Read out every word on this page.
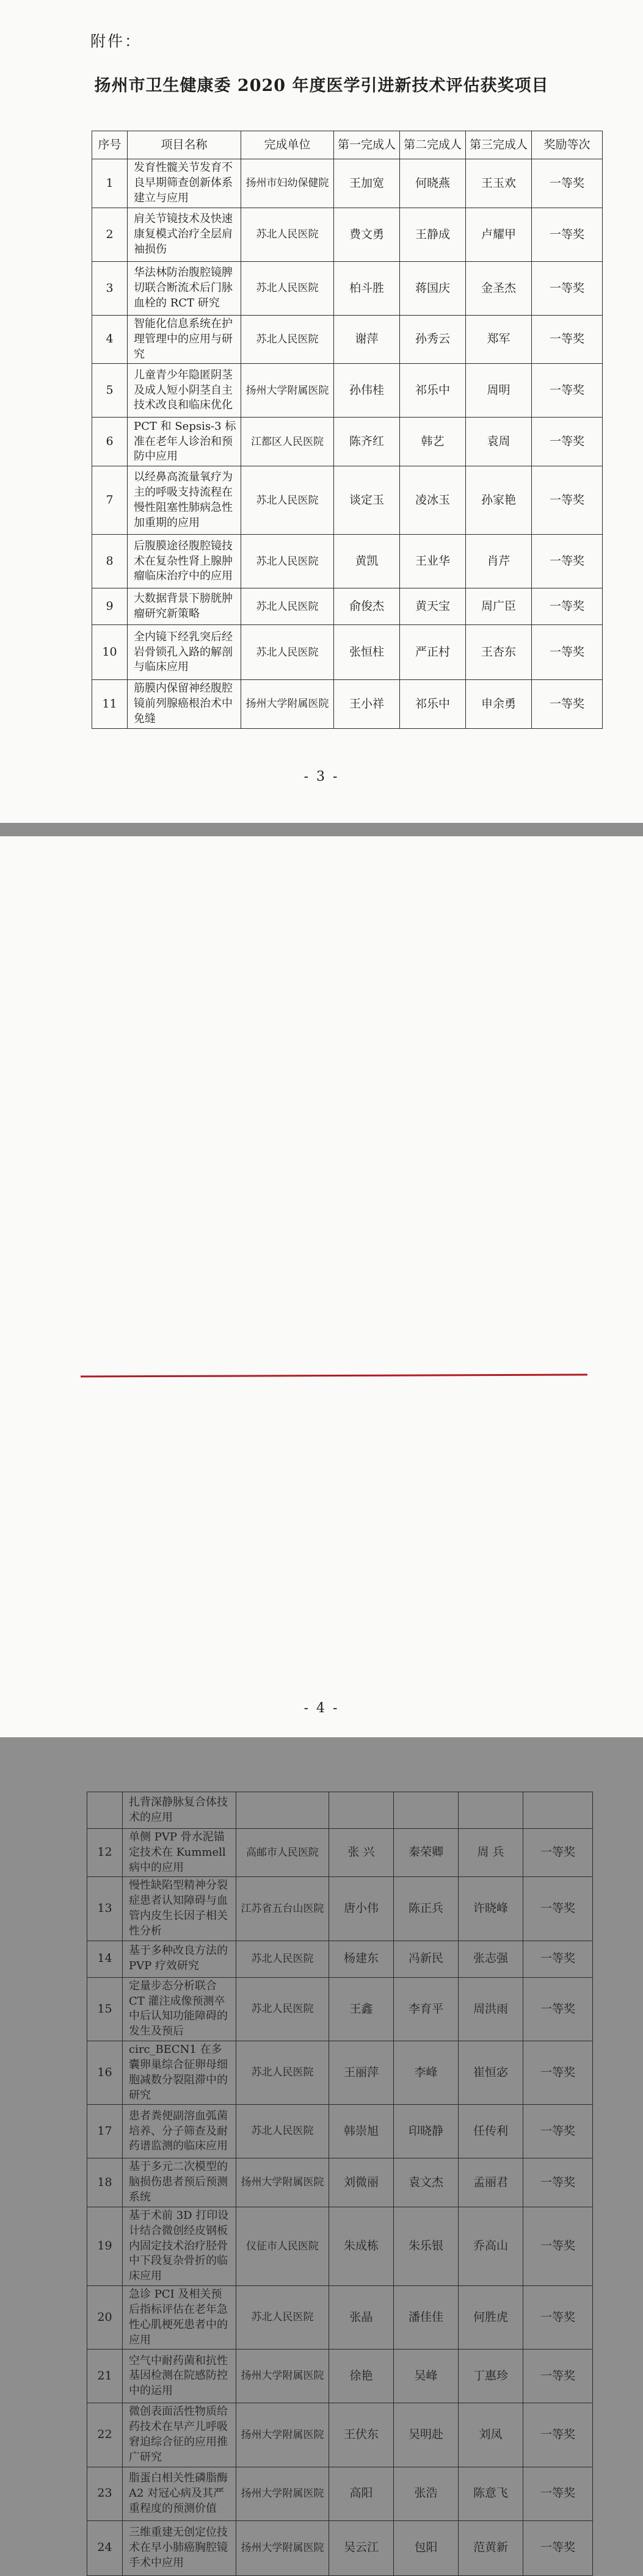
附件：
扬州市卫生健康委 2020 年度医学引进新技术评估获奖项目
序号	项目名称	完成单位	第一完成人	第二完成人	第三完成人	奖励等次
1	发育性髋关节发育不良早期筛查创新体系建立与应用	扬州市妇幼保健院	王加宽	何晓燕	王玉欢	一等奖
2	肩关节镜技术及快速康复模式治疗全层肩袖损伤	苏北人民医院	费文勇	王静成	卢耀甲	一等奖
3	华法林防治腹腔镜脾切联合断流术后门脉血栓的 RCT 研究	苏北人民医院	柏斗胜	蒋国庆	金圣杰	一等奖
4	智能化信息系统在护理管理中的应用与研究	苏北人民医院	谢萍	孙秀云	郑军	一等奖
5	儿童青少年隐匿阴茎及成人短小阴茎自主技术改良和临床优化	扬州大学附属医院	孙伟桂	祁乐中	周明	一等奖
6	PCT 和 Sepsis-3 标准在老年人诊治和预防中应用	江都区人民医院	陈齐红	韩艺	袁周	一等奖
7	以经鼻高流量氧疗为主的呼吸支持流程在慢性阻塞性肺病急性加重期的应用	苏北人民医院	谈定玉	凌冰玉	孙家艳	一等奖
8	后腹膜途径腹腔镜技术在复杂性肾上腺肿瘤临床治疗中的应用	苏北人民医院	黄凯	王业华	肖芹	一等奖
9	大数据背景下膀胱肿瘤研究新策略	苏北人民医院	俞俊杰	黄天宝	周广臣	一等奖
10	全内镜下经乳突后经岩骨锁孔入路的解剖与临床应用	苏北人民医院	张恒柱	严正村	王杏东	一等奖
11	筋膜内保留神经腹腔镜前列腺癌根治术中免缝	扬州大学附属医院	王小祥	祁乐中	申余勇	一等奖
- 3 -
	扎背深静脉复合体技术的应用					
12	单侧 PVP 骨水泥锚定技术在 Kummell 病中的应用	高邮市人民医院	张 兴	秦荣卿	周 兵	一等奖
13	慢性缺陷型精神分裂症患者认知障碍与血管内皮生长因子相关性分析	江苏省五台山医院	唐小伟	陈正兵	许晓峰	一等奖
14	基于多种改良方法的 PVP 疗效研究	苏北人民医院	杨建东	冯新民	张志强	一等奖
15	定量步态分析联合 CT 灌注成像预测卒中后认知功能障碍的发生及预后	苏北人民医院	王鑫	李育平	周洪雨	一等奖
16	circ_BECN1 在多囊卵巢综合征卵母细胞减数分裂阻滞中的研究	苏北人民医院	王丽萍	李峰	崔恒宓	一等奖
17	患者粪便副溶血弧菌培养、分子筛查及耐药谱监测的临床应用	苏北人民医院	韩崇旭	印晓静	任传利	一等奖
18	基于多元二次模型的脑损伤患者预后预测系统	扬州大学附属医院	刘微丽	袁文杰	孟丽君	一等奖
19	基于术前 3D 打印设计结合微创经皮钢板内固定技术治疗胫骨中下段复杂骨折的临床应用	仪征市人民医院	朱成栋	朱乐银	乔高山	一等奖
20	急诊 PCI 及相关预后指标评估在老年急性心肌梗死患者中的应用	苏北人民医院	张晶	潘佳佳	何胜虎	一等奖
21	空气中耐药菌和抗性基因检测在院感防控中的运用	扬州大学附属医院	徐艳	吴峰	丁惠珍	一等奖
22	微创表面活性物质给药技术在早产儿呼吸窘迫综合征的应用推广研究	扬州大学附属医院	王伏东	吴明赴	刘凤	一等奖
23	脂蛋白相关性磷脂酶 A2 对冠心病及其严重程度的预测价值	扬州大学附属医院	高阳	张浩	陈意飞	一等奖
24	三维重建无创定位技术在早小肺癌胸腔镜手术中应用	扬州大学附属医院	吴云江	包阳	范黄新	一等奖
- 4 -
